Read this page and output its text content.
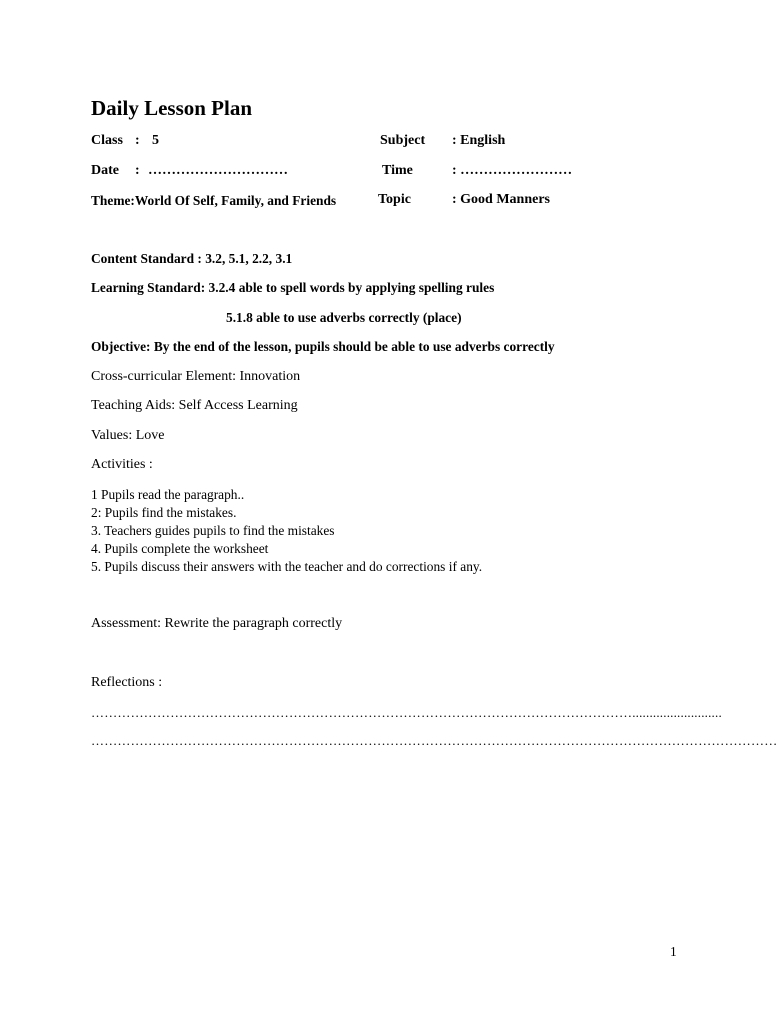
Daily Lesson Plan
Class : 5	Subject : English
Date : …………………………	Time	: ……………………
Theme:World Of Self, Family, and Friends	Topic	: Good Manners
Content Standard : 3.2, 5.1, 2.2, 3.1
Learning Standard: 3.2.4 able to spell words by applying spelling rules
5.1.8 able to use adverbs correctly (place)
Objective: By the end of the lesson, pupils should be able to use adverbs correctly
Cross-curricular Element: Innovation
Teaching Aids: Self Access Learning
Values: Love
Activities :
1 Pupils read the paragraph..
2: Pupils find the mistakes.
3. Teachers guides pupils to find the mistakes
4. Pupils complete the worksheet
5. Pupils discuss their answers with the teacher and do corrections if any.
Assessment: Rewrite the paragraph correctly
Reflections :
……………………………………………………………………………………………………………..........................
…………………………………………………………………………………………………………………………………………
1
